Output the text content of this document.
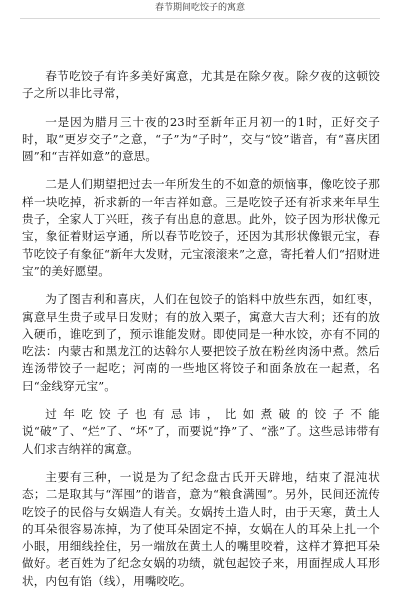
春节期间吃饺子的寓意

春节吃饺子有许多美好寓意，尤其是在除夕夜。除夕夜的这顿饺子之所以非比寻常，

一是因为腊月三十夜的23时至新年正月初一的1时，正好交子时，取“更岁交子”之意，“子”为“子时”，交与“饺”谐音，有“喜庆团圆”和“吉祥如意”的意思。

二是人们期望把过去一年所发生的不如意的烦恼事，像吃饺子那样一块吃掉，祈求新的一年吉祥如意。三是吃饺子还有祈求来年早生贵子，全家人丁兴旺，孩子有出息的意思。此外，饺子因为形状像元宝，象征着财运亨通，所以春节吃饺子，还因为其形状像银元宝，春节吃饺子有象征“新年大发财，元宝滚滚来”之意，寄托着人们“招财进宝”的美好愿望。

为了图吉利和喜庆，人们在包饺子的馅料中放些东西，如红枣，寓意早生贵子或早日发财；有的放入栗子，寓意大吉大利；还有的放入硬币，谁吃到了，预示谁能发财。即使同是一种水饺，亦有不同的吃法：内蒙古和黑龙江的达斡尔人要把饺子放在粉丝肉汤中煮。然后连汤带饺子一起吃；河南的一些地区将饺子和面条放在一起煮，名曰“金线穿元宝”。

过年吃饺子也有忌讳，比如煮破的饺子不能说“破”了、“烂”了、“坏”了，而要说“挣”了、“涨”了。这些忌讳带有人们求吉纳祥的寓意。

主要有三种，一说是为了纪念盘古氏开天辟地，结束了混沌状态；二是取其与“浑囤”的谐音，意为“粮食满囤”。另外，民间还流传吃饺子的民俗与女娲造人有关。女娲抟土造人时，由于天寒，黄土人的耳朵很容易冻掉，为了使耳朵固定不掉，女娲在人的耳朵上扎一个小眼，用细线拴住，另一端放在黄土人的嘴里咬着，这样才算把耳朵做好。老百姓为了纪念女娲的功绩，就包起饺子来，用面捏成人耳形状，内包有馅（线），用嘴咬吃。
